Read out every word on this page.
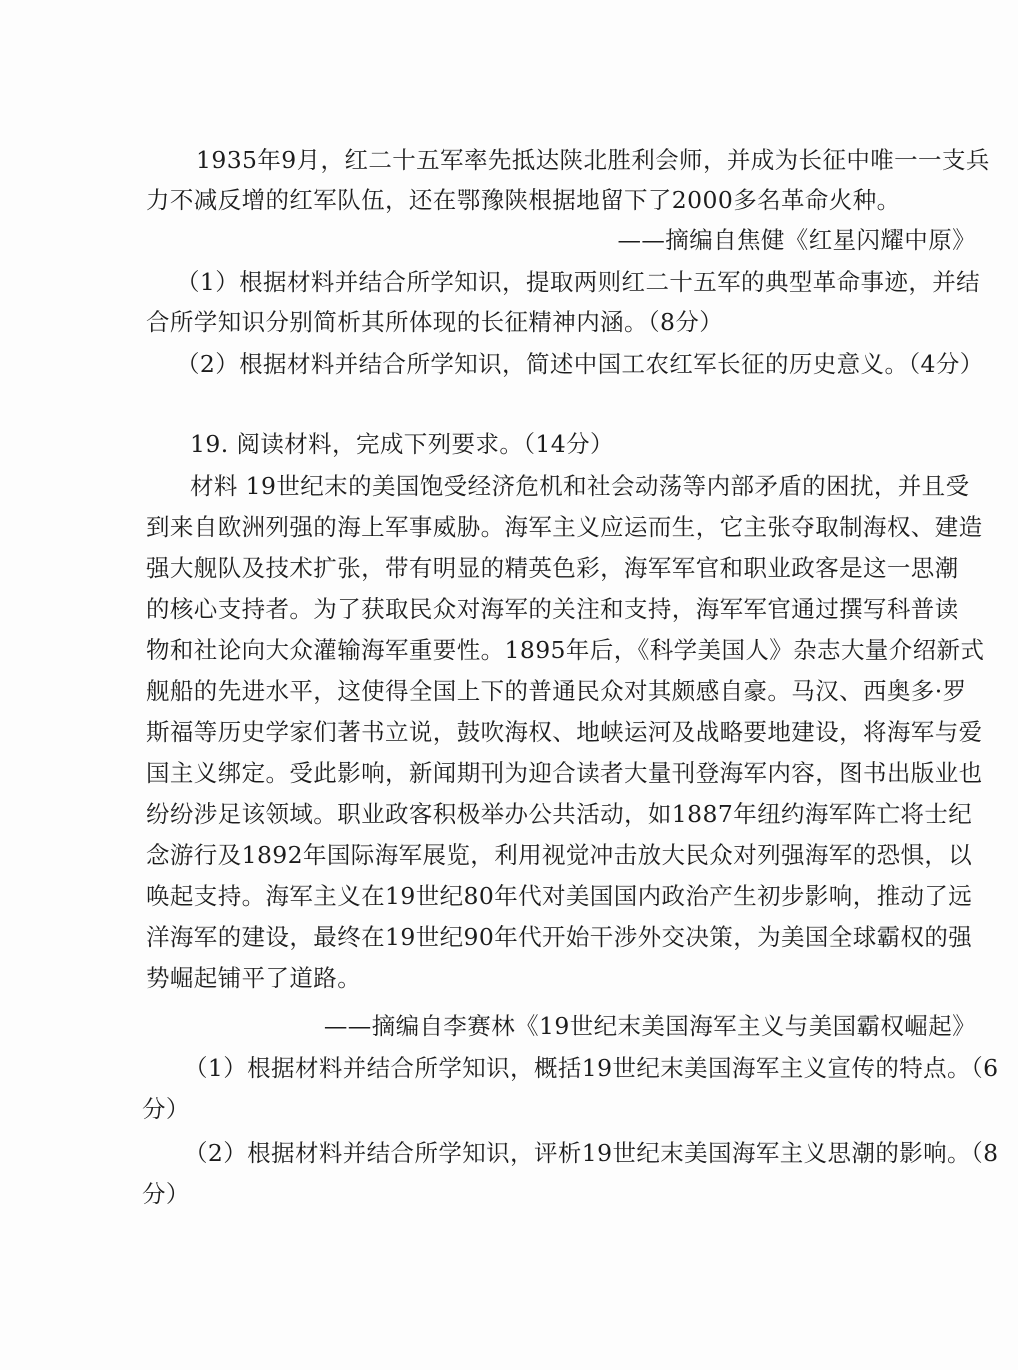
1935年9月，红二十五军率先抵达陕北胜利会师，并成为长征中唯一一支兵
力不减反增的红军队伍，还在鄂豫陕根据地留下了2000多名革命火种。
——摘编自焦健《红星闪耀中原》
（1）根据材料并结合所学知识，提取两则红二十五军的典型革命事迹，并结
合所学知识分别简析其所体现的长征精神内涵。（8分）
（2）根据材料并结合所学知识，简述中国工农红军长征的历史意义。（4分）
19. 阅读材料，完成下列要求。（14分）
材料 19世纪末的美国饱受经济危机和社会动荡等内部矛盾的困扰，并且受
到来自欧洲列强的海上军事威胁。海军主义应运而生，它主张夺取制海权、建造
强大舰队及技术扩张，带有明显的精英色彩，海军军官和职业政客是这一思潮
的核心支持者。为了获取民众对海军的关注和支持，海军军官通过撰写科普读
物和社论向大众灌输海军重要性。1895年后，《科学美国人》杂志大量介绍新式
舰船的先进水平，这使得全国上下的普通民众对其颇感自豪。马汉、西奥多·罗
斯福等历史学家们著书立说，鼓吹海权、地峡运河及战略要地建设，将海军与爱
国主义绑定。受此影响，新闻期刊为迎合读者大量刊登海军内容，图书出版业也
纷纷涉足该领域。职业政客积极举办公共活动，如1887年纽约海军阵亡将士纪
念游行及1892年国际海军展览，利用视觉冲击放大民众对列强海军的恐惧，以
唤起支持。海军主义在19世纪80年代对美国国内政治产生初步影响，推动了远
洋海军的建设，最终在19世纪90年代开始干涉外交决策，为美国全球霸权的强
势崛起铺平了道路。
——摘编自李赛林《19世纪末美国海军主义与美国霸权崛起》
（1）根据材料并结合所学知识，概括19世纪末美国海军主义宣传的特点。（6
分）
（2）根据材料并结合所学知识，评析19世纪末美国海军主义思潮的影响。（8
分）
